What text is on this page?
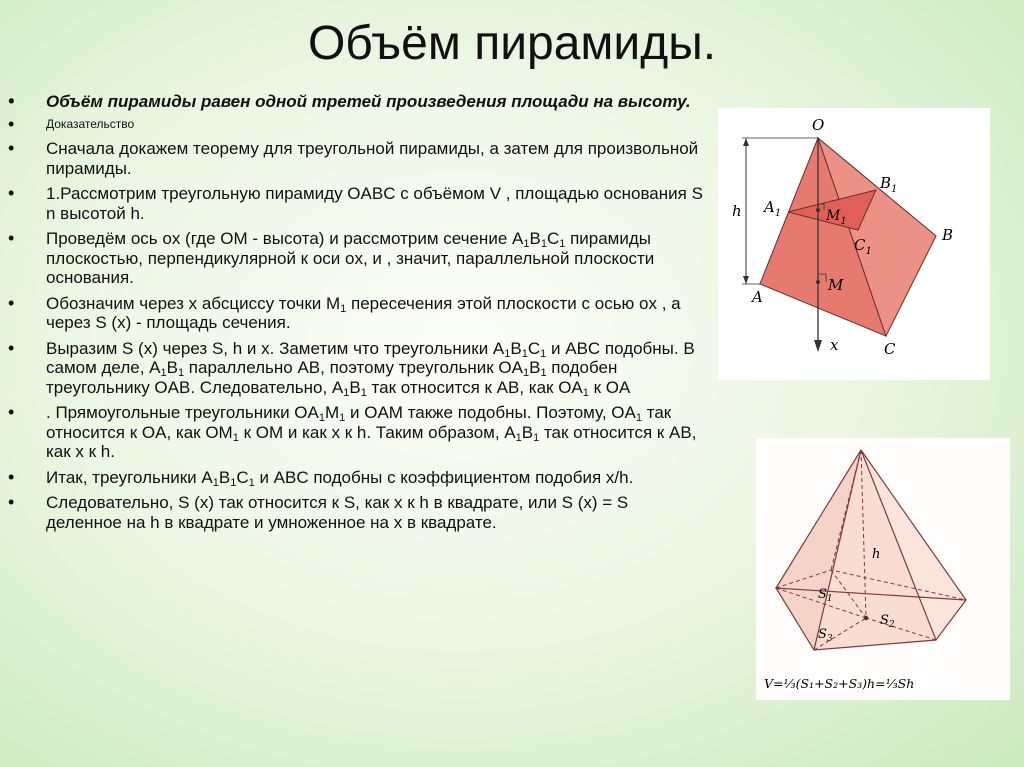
Объём пирамиды.
• Объём пирамиды равен одной третей произведения площади на высоту.
• Доказательство
• Сначала докажем теорему для треугольной пирамиды, а затем для произвольной пирамиды.
• 1.Рассмотрим треугольную пирамиду OABC с объёмом V , площадью основания S n высотой h.
• Проведём ось ox (где OM - высота) и рассмотрим сечение $A_1B_1C_1$ пирамиды плоскостью, перпендикулярной к оси ox, и , значит, параллельной плоскости основания.
• Обозначим через x абсциссу точки $M_1$ пересечения этой плоскости с осью ox , а через S (x) - площадь сечения.
• Выразим S (x) через S, h и x. Заметим что треугольники $A_1B_1C_1$ и ABC подобны. В самом деле, $A_1B_1$ параллельно AB, поэтому треугольник $OA_1B_1$ подобен треугольнику OAB. Следовательно, $A_1B_1$ так относится к AB, как $OA_1$ к OA
• . Прямоугольные треугольники $OA_1M_1$ и OAM также подобны. Поэтому, $OA_1$ так относится к OA, как $OM_1$ к OM и как x к h. Таким образом, $A_1B_1$ так относится к AB, как x к h.
• Итак, треугольники $A_1B_1C_1$ и ABC подобны с коэффициентом подобия x/h.
• Следовательно, S (x) так относится к S, как x к h в квадрате, или S (x) = S деленное на h в квадрате и умноженное на x в квадрате.
O
$B_1$
$A_1$	$M_1$
$C_1$
B
h
A
M
x	C
h
$S_1$
$S_2$
$S_3$
V=⅓(S₁+S₂+S₃)h=⅓Sh
